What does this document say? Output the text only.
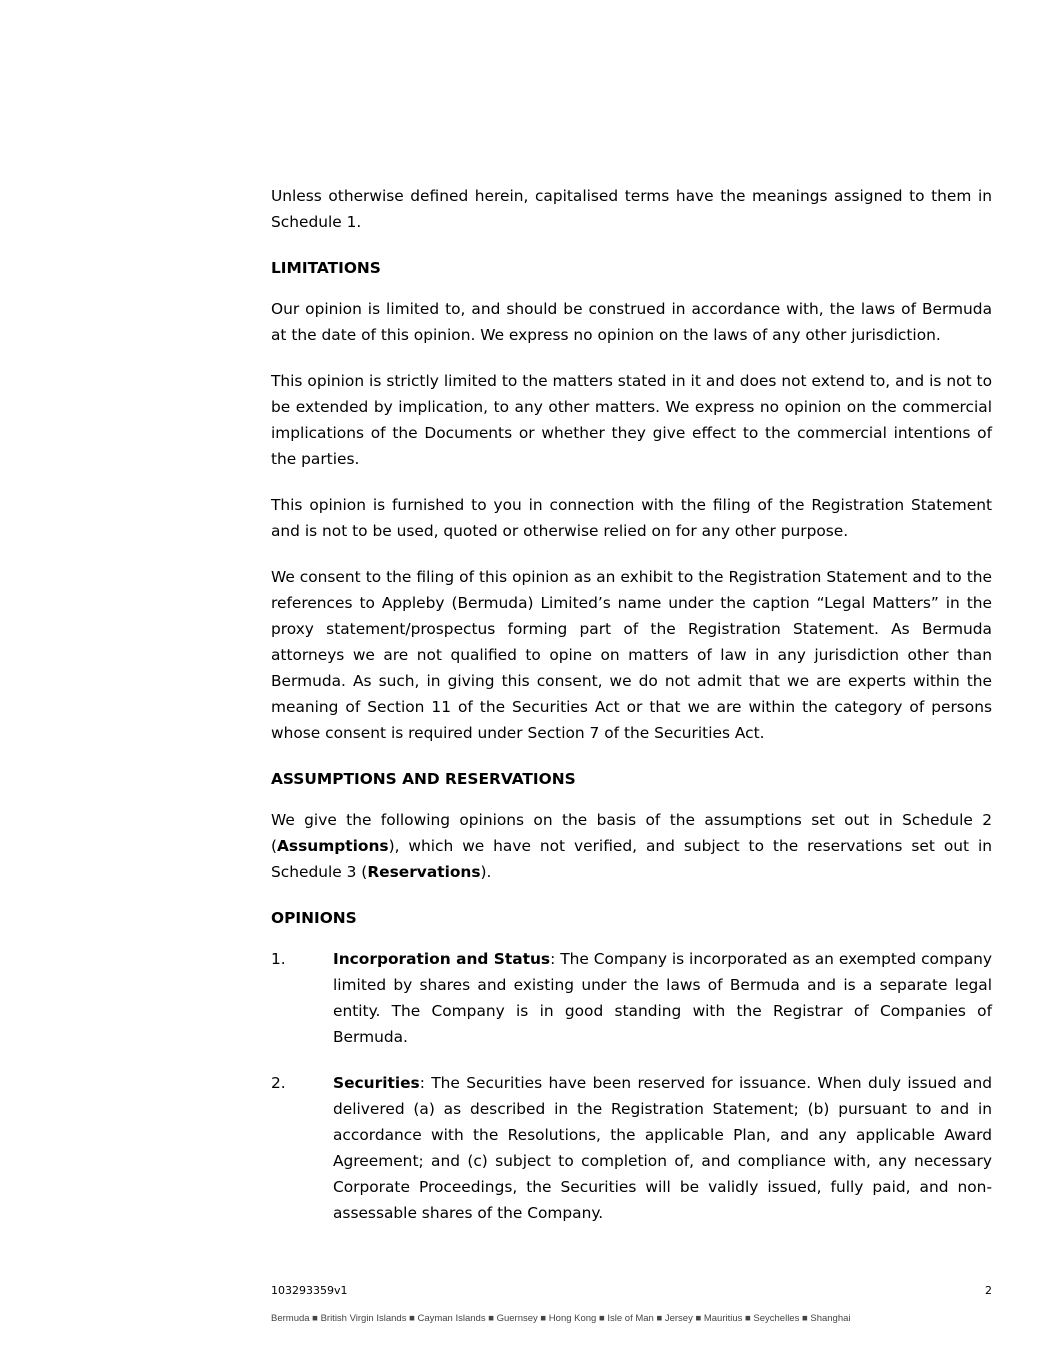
Unless otherwise defined herein, capitalised terms have the meanings assigned to them in Schedule 1.

LIMITATIONS

Our opinion is limited to, and should be construed in accordance with, the laws of Bermuda at the date of this opinion. We express no opinion on the laws of any other jurisdiction.

This opinion is strictly limited to the matters stated in it and does not extend to, and is not to be extended by implication, to any other matters. We express no opinion on the commercial implications of the Documents or whether they give effect to the commercial intentions of the parties.

This opinion is furnished to you in connection with the filing of the Registration Statement and is not to be used, quoted or otherwise relied on for any other purpose.

We consent to the filing of this opinion as an exhibit to the Registration Statement and to the references to Appleby (Bermuda) Limited’s name under the caption “Legal Matters” in the proxy statement/prospectus forming part of the Registration Statement. As Bermuda attorneys we are not qualified to opine on matters of law in any jurisdiction other than Bermuda. As such, in giving this consent, we do not admit that we are experts within the meaning of Section 11 of the Securities Act or that we are within the category of persons whose consent is required under Section 7 of the Securities Act.

ASSUMPTIONS AND RESERVATIONS

We give the following opinions on the basis of the assumptions set out in Schedule 2 (Assumptions), which we have not verified, and subject to the reservations set out in Schedule 3 (Reservations).

OPINIONS

1.	Incorporation and Status: The Company is incorporated as an exempted company limited by shares and existing under the laws of Bermuda and is a separate legal entity. The Company is in good standing with the Registrar of Companies of Bermuda.
2.	Securities: The Securities have been reserved for issuance. When duly issued and delivered (a) as described in the Registration Statement; (b) pursuant to and in accordance with the Resolutions, the applicable Plan, and any applicable Award Agreement; and (c) subject to completion of, and compliance with, any necessary Corporate Proceedings, the Securities will be validly issued, fully paid, and non-assessable shares of the Company.
103293359v1	2
Bermuda ■ British Virgin Islands ■ Cayman Islands ■ Guernsey ■ Hong Kong ■ Isle of Man ■ Jersey ■ Mauritius ■ Seychelles ■ Shanghai
